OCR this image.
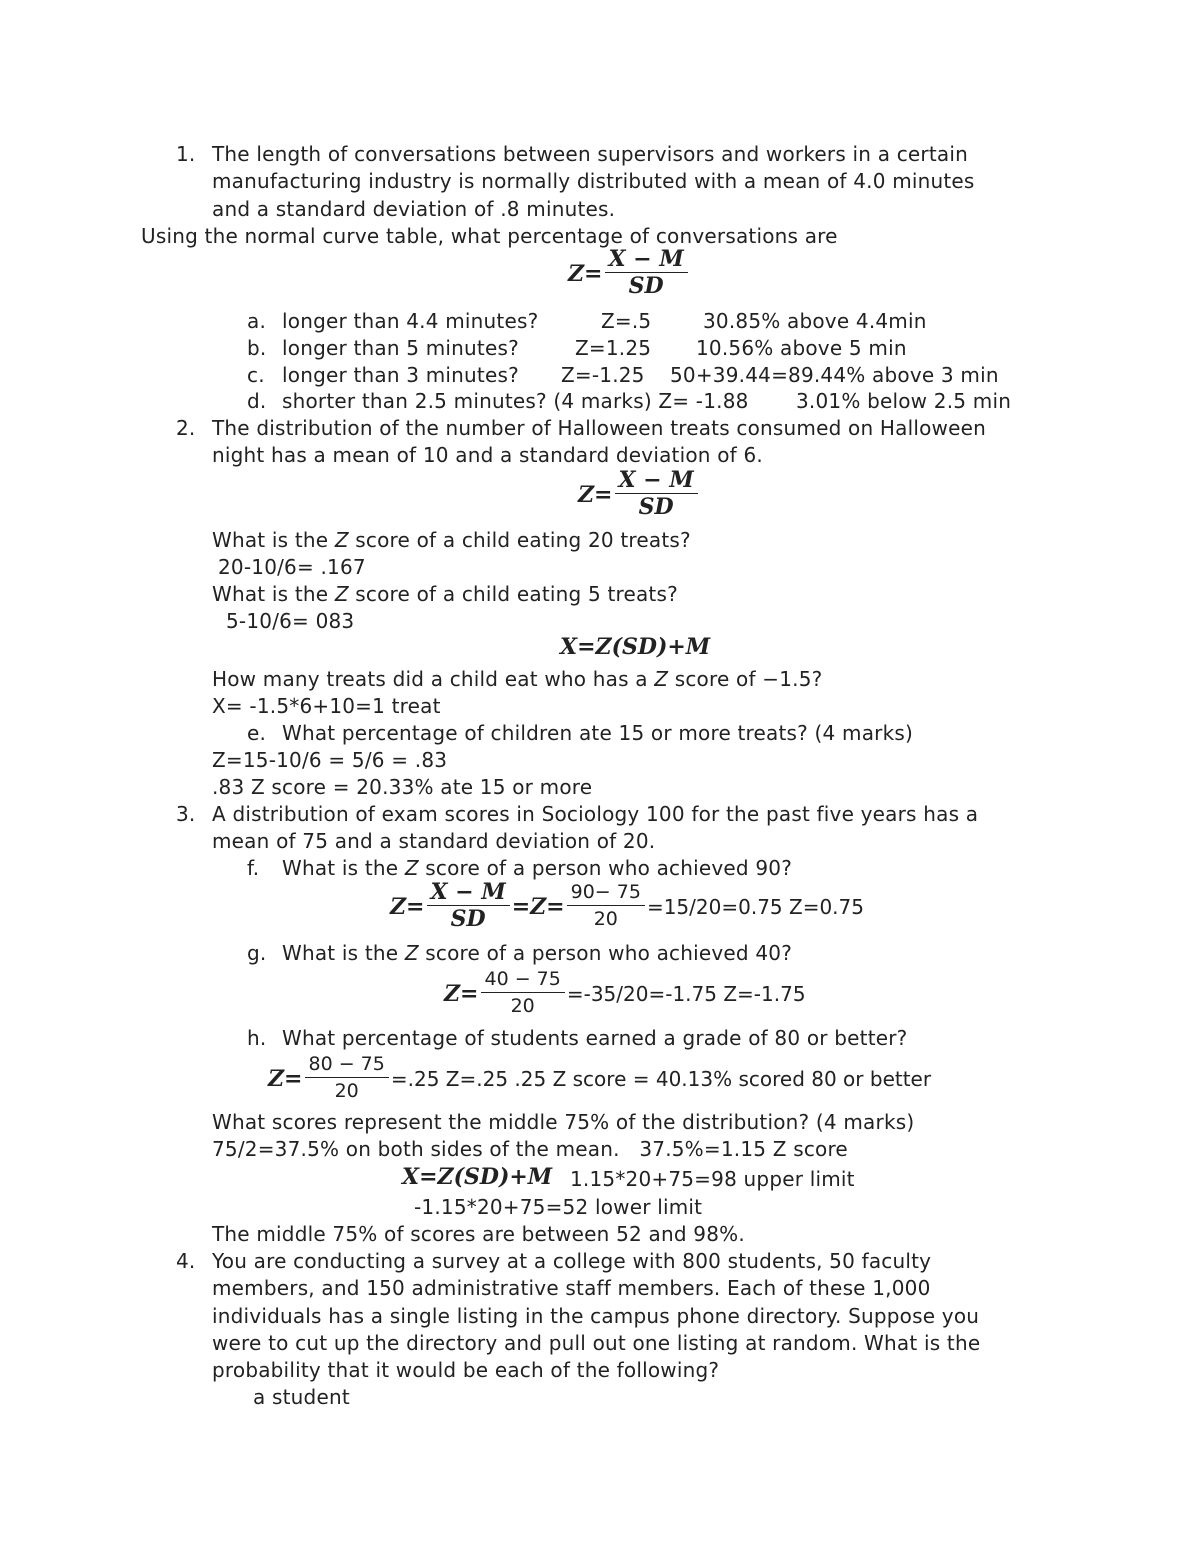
1. The length of conversations between supervisors and workers in a certain
manufacturing industry is normally distributed with a mean of 4.0 minutes
and a standard deviation of .8 minutes.
Using the normal curve table, what percentage of conversations are
$Z= \frac{X - M}{SD}$
a. longer than 4.4 minutes?	Z=.5	30.85% above 4.4min
b. longer than 5 minutes?	Z=1.25 10.56% above 5 min
c. longer than 3 minutes? Z=-1.25 50+39.44=89.44% above 3 min
d. shorter than 2.5 minutes? (4 marks) Z= -1.88 3.01% below 2.5 min
2. The distribution of the number of Halloween treats consumed on Halloween
night has a mean of 10 and a standard deviation of 6.
$Z= \frac{X - M}{SD}$
What is the Z score of a child eating 20 treats?
20-10/6= .167
What is the Z score of a child eating 5 treats?
5-10/6= 083
X=Z(SD)+M
How many treats did a child eat who has a Z score of −1.5?
X= -1.5*6+10=1 treat
e. What percentage of children ate 15 or more treats? (4 marks)
Z=15-10/6 = 5/6 = .83
.83 Z score = 20.33% ate 15 or more
3. A distribution of exam scores in Sociology 100 for the past five years has a
mean of 75 and a standard deviation of 20.
f. What is the Z score of a person who achieved 90?
$Z= \frac{X - M}{SD} =Z= \frac{90- 75}{20} =15/20=0.75$ Z=0.75
g. What is the Z score of a person who achieved 40?
$Z= \frac{40 - 75}{20} =-35/20=-1.75$ Z=-1.75
h. What percentage of students earned a grade of 80 or better?
$Z= \frac{80 - 75}{20} =.25$ Z=.25 .25 Z score = 40.13% scored 80 or better
What scores represent the middle 75% of the distribution? (4 marks)
75/2=37.5% on both sides of the mean.   37.5%=1.15 Z score
X=Z(SD)+M 1.15*20+75=98 upper limit
-1.15*20+75=52 lower limit
The middle 75% of scores are between 52 and 98%.
4. You are conducting a survey at a college with 800 students, 50 faculty
members, and 150 administrative staff members. Each of these 1,000
individuals has a single listing in the campus phone directory. Suppose you
were to cut up the directory and pull out one listing at random. What is the
probability that it would be each of the following?
a student
